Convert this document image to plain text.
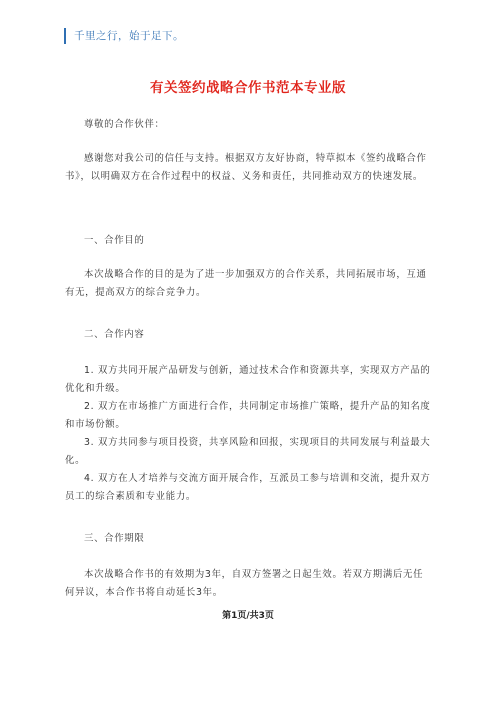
千里之行，始于足下。
有关签约战略合作书范本专业版
尊敬的合作伙伴：
感谢您对我公司的信任与支持。根据双方友好协商，特草拟本《签约战略合作书》，以明确双方在合作过程中的权益、义务和责任，共同推动双方的快速发展。
一、合作目的
本次战略合作的目的是为了进一步加强双方的合作关系，共同拓展市场，互通有无，提高双方的综合竞争力。
二、合作内容
1. 双方共同开展产品研发与创新，通过技术合作和资源共享，实现双方产品的优化和升级。
2. 双方在市场推广方面进行合作，共同制定市场推广策略，提升产品的知名度和市场份额。
3. 双方共同参与项目投资，共享风险和回报，实现项目的共同发展与利益最大化。
4. 双方在人才培养与交流方面开展合作，互派员工参与培训和交流，提升双方员工的综合素质和专业能力。
三、合作期限
本次战略合作书的有效期为3年，自双方签署之日起生效。若双方期满后无任何异议，本合作书将自动延长3年。
第1页/共3页
